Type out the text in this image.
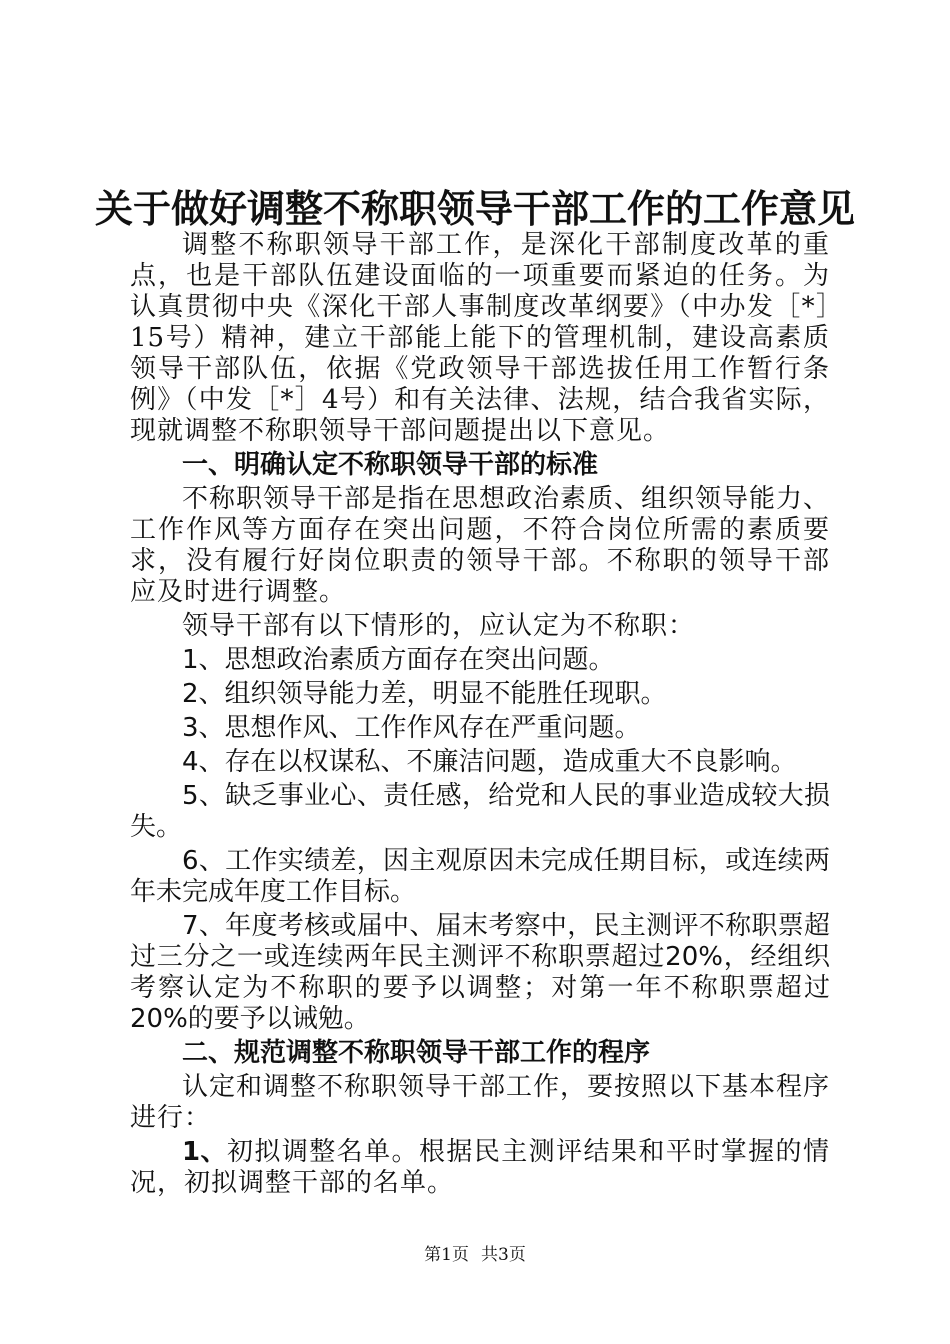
关于做好调整不称职领导干部工作的工作意见

调整不称职领导干部工作，是深化干部制度改革的重点，也是干部队伍建设面临的一项重要而紧迫的任务。为认真贯彻中央《深化干部人事制度改革纲要》（中办发［*］15号）精神，建立干部能上能下的管理机制，建设高素质领导干部队伍，依据《党政领导干部选拔任用工作暂行条例》（中发［*］4号）和有关法律、法规，结合我省实际，现就调整不称职领导干部问题提出以下意见。

一、明确认定不称职领导干部的标准

不称职领导干部是指在思想政治素质、组织领导能力、工作作风等方面存在突出问题，不符合岗位所需的素质要求，没有履行好岗位职责的领导干部。不称职的领导干部应及时进行调整。

领导干部有以下情形的，应认定为不称职：

1、思想政治素质方面存在突出问题。

2、组织领导能力差，明显不能胜任现职。

3、思想作风、工作作风存在严重问题。

4、存在以权谋私、不廉洁问题，造成重大不良影响。

5、缺乏事业心、责任感，给党和人民的事业造成较大损失。

6、工作实绩差，因主观原因未完成任期目标，或连续两年未完成年度工作目标。

7、年度考核或届中、届末考察中，民主测评不称职票超过三分之一或连续两年民主测评不称职票超过20%，经组织考察认定为不称职的要予以调整；对第一年不称职票超过20%的要予以诫勉。

二、规范调整不称职领导干部工作的程序

认定和调整不称职领导干部工作，要按照以下基本程序进行：

1、初拟调整名单。根据民主测评结果和平时掌握的情况，初拟调整干部的名单。

第1页 共3页
